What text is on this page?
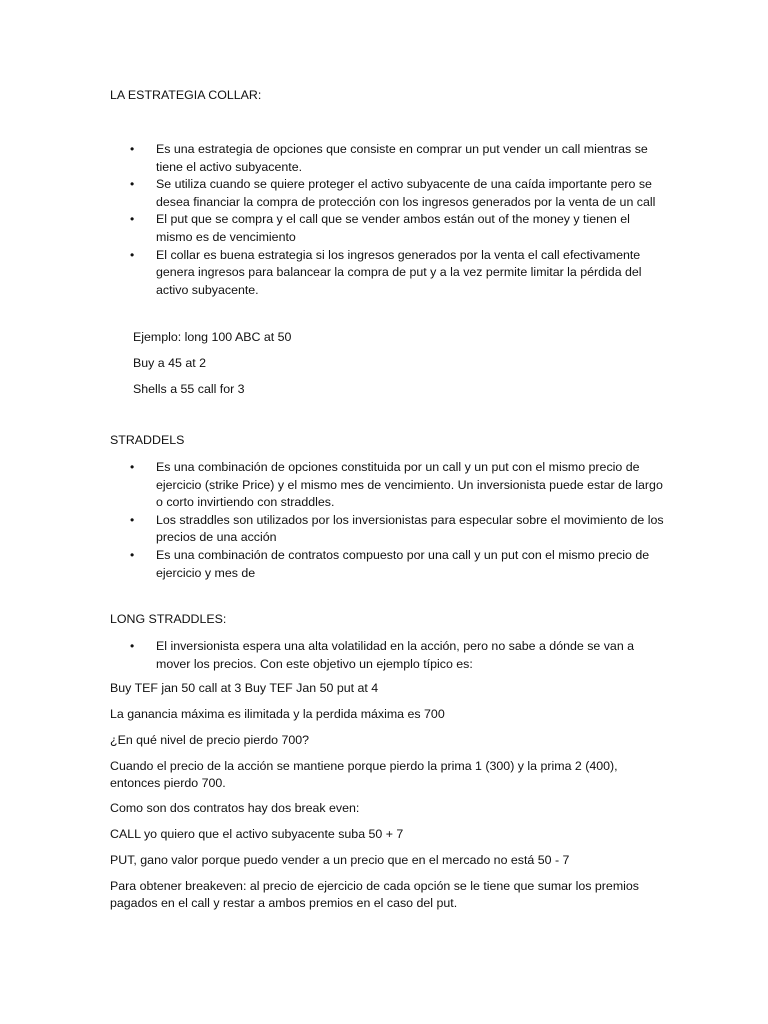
LA ESTRATEGIA COLLAR:
• Es una estrategia de opciones que consiste en comprar un put vender un call mientras se tiene el activo subyacente.
• Se utiliza cuando se quiere proteger el activo subyacente de una caída importante pero se desea financiar la compra de protección con los ingresos generados por la venta de un call
• El put que se compra y el call que se vender ambos están out of the money y tienen el mismo es de vencimiento
• El collar es buena estrategia si los ingresos generados por la venta el call efectivamente genera ingresos para balancear la compra de put y a la vez permite limitar la pérdida del activo subyacente.

Ejemplo: long 100 ABC at 50

Buy a 45 at 2

Shells a 55 call for 3

STRADDELS
• Es una combinación de opciones constituida por un call y un put con el mismo precio de ejercicio (strike Price) y el mismo mes de vencimiento. Un inversionista puede estar de largo o corto invirtiendo con straddles.
• Los straddles son utilizados por los inversionistas para especular sobre el movimiento de los precios de una acción
• Es una combinación de contratos compuesto por una call y un put con el mismo precio de ejercicio y mes de
LONG STRADDLES:
• El inversionista espera una alta volatilidad en la acción, pero no sabe a dónde se van a mover los precios. Con este objetivo un ejemplo típico es:

Buy TEF jan 50 call at 3 Buy TEF Jan 50 put at 4

La ganancia máxima es ilimitada y la perdida máxima es 700

¿En qué nivel de precio pierdo 700?

Cuando el precio de la acción se mantiene porque pierdo la prima 1 (300) y la prima 2 (400), entonces pierdo 700.

Como son dos contratos hay dos break even:

CALL yo quiero que el activo subyacente suba 50 + 7

PUT, gano valor porque puedo vender a un precio que en el mercado no está 50 - 7

Para obtener breakeven: al precio de ejercicio de cada opción se le tiene que sumar los premios pagados en el call y restar a ambos premios en el caso del put.
